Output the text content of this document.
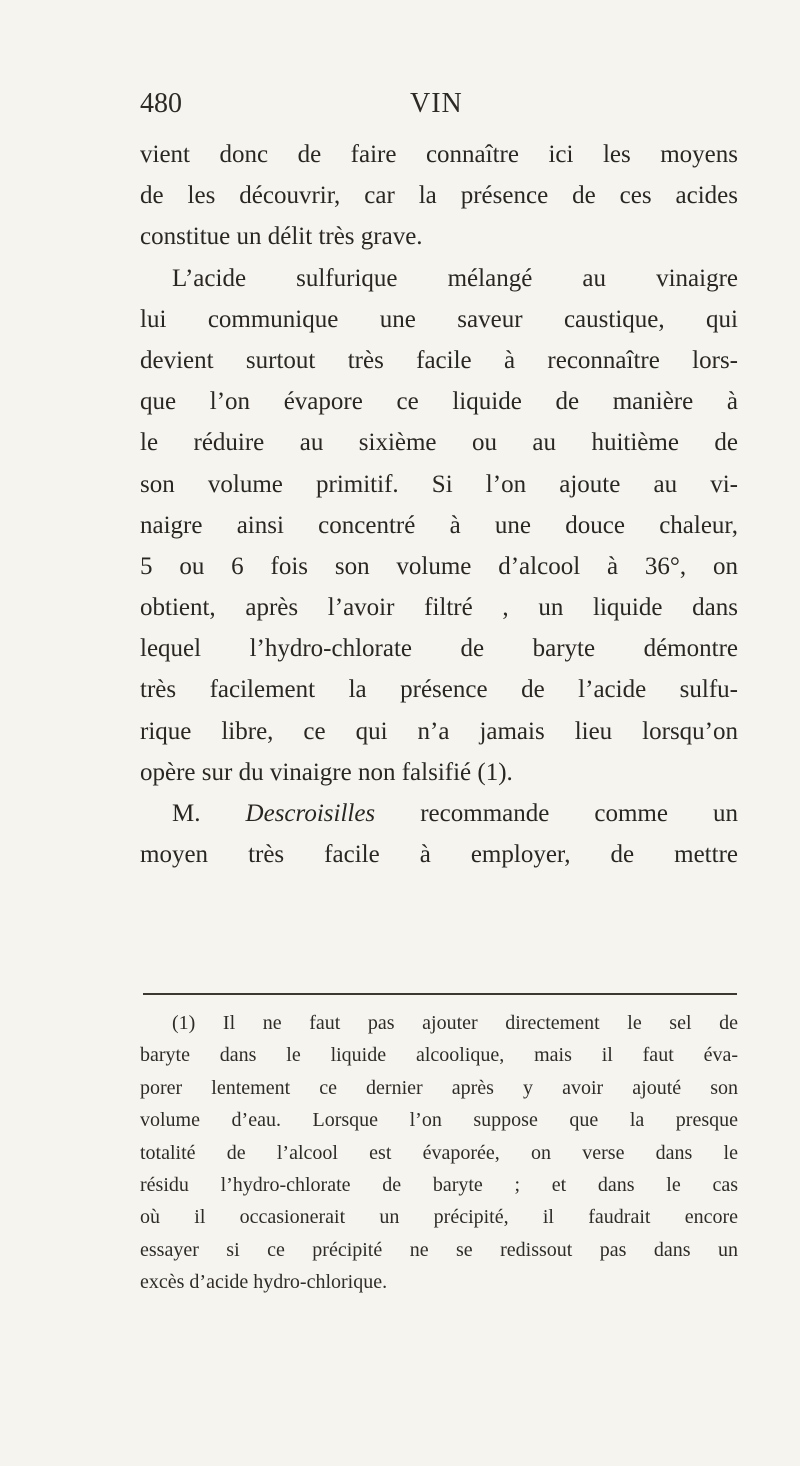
480	VIN
vient donc de faire connaître ici les moyens
de les découvrir, car la présence de ces acides
constitue un délit très grave.
L’acide sulfurique mélangé au vinaigre
lui communique une saveur caustique, qui
devient surtout très facile à reconnaître lors-
que l’on évapore ce liquide de manière à
le réduire au sixième ou au huitième de
son volume primitif. Si l’on ajoute au vi-
naigre ainsi concentré à une douce chaleur,
5 ou 6 fois son volume d’alcool à 36°, on
obtient, après l’avoir filtré , un liquide dans
lequel l’hydro-chlorate de baryte démontre
très facilement la présence de l’acide sulfu-
rique libre, ce qui n’a jamais lieu lorsqu’on
opère sur du vinaigre non falsifié (1).
M. Descroisilles recommande comme un
moyen très facile à employer, de mettre
(1) Il ne faut pas ajouter directement le sel de
baryte dans le liquide alcoolique, mais il faut éva-
porer lentement ce dernier après y avoir ajouté son
volume d’eau. Lorsque l’on suppose que la presque
totalité de l’alcool est évaporée, on verse dans le
résidu l’hydro-chlorate de baryte ; et dans le cas
où il occasionerait un précipité, il faudrait encore
essayer si ce précipité ne se redissout pas dans un
excès d’acide hydro-chlorique.
